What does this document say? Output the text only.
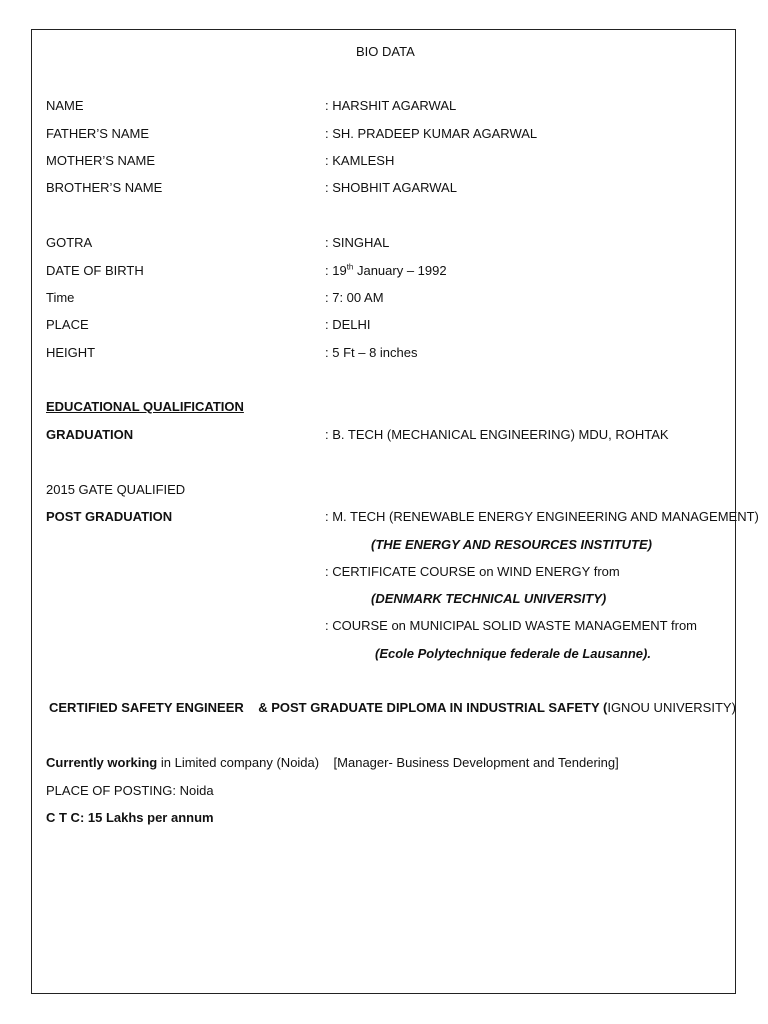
BIO DATA
NAME	: HARSHIT AGARWAL
FATHER’S NAME	: SH. PRADEEP KUMAR AGARWAL
MOTHER’S NAME	: KAMLESH
BROTHER’S NAME	: SHOBHIT AGARWAL
GOTRA	: SINGHAL
DATE OF BIRTH	: 19th January – 1992
Time	: 7: 00 AM
PLACE	: DELHI
HEIGHT	: 5 Ft – 8 inches
EDUCATIONAL QUALIFICATION
GRADUATION	: B. TECH (MECHANICAL ENGINEERING) MDU, ROHTAK
2015 GATE QUALIFIED
POST GRADUATION	: M. TECH (RENEWABLE ENERGY ENGINEERING AND MANAGEMENT)
(THE ENERGY AND RESOURCES INSTITUTE)
: CERTIFICATE COURSE on WIND ENERGY from
(DENMARK TECHNICAL UNIVERSITY)
: COURSE on MUNICIPAL SOLID WASTE MANAGEMENT from
(Ecole Polytechnique federale de Lausanne).
CERTIFIED SAFETY ENGINEER    & POST GRADUATE DIPLOMA IN INDUSTRIAL SAFETY (IGNOU UNIVERSITY)
Currently working in Limited company (Noida)    [Manager- Business Development and Tendering]
PLACE OF POSTING: Noida
C T C: 15 Lakhs per annum
